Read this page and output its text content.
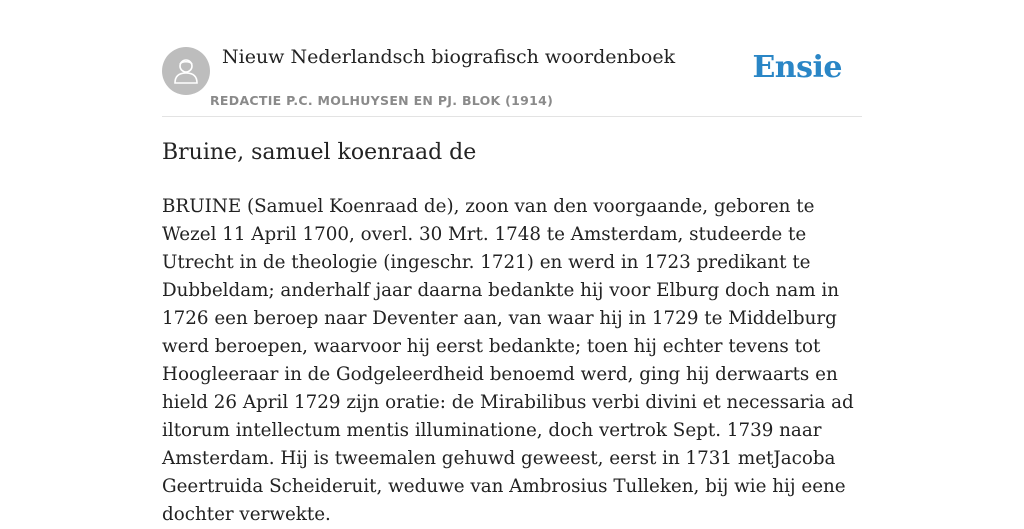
Nieuw Nederlandsch biografisch woordenboek
REDACTIE P.C. MOLHUYSEN EN PJ. BLOK (1914)
Ensie
Bruine, samuel koenraad de

BRUINE (Samuel Koenraad de), zoon van den voorgaande, geboren te Wezel 11 April 1700, overl. 30 Mrt. 1748 te Amsterdam, studeerde te Utrecht in de theologie (ingeschr. 1721) en werd in 1723 predikant te Dubbeldam; anderhalf jaar daarna bedankte hij voor Elburg doch nam in 1726 een beroep naar Deventer aan, van waar hij in 1729 te Middelburg werd beroepen, waarvoor hij eerst bedankte; toen hij echter tevens tot Hoogleeraar in de Godgeleerdheid benoemd werd, ging hij derwaarts en hield 26 April 1729 zijn oratie: de Mirabilibus verbi divini et necessaria ad iltorum intellectum mentis illuminatione, doch vertrok Sept. 1739 naar Amsterdam. Hij is tweemalen gehuwd geweest, eerst in 1731 metJacoba Geertruida Scheideruit, weduwe van Ambrosius Tulleken, bij wie hij eene dochter verwekte.
